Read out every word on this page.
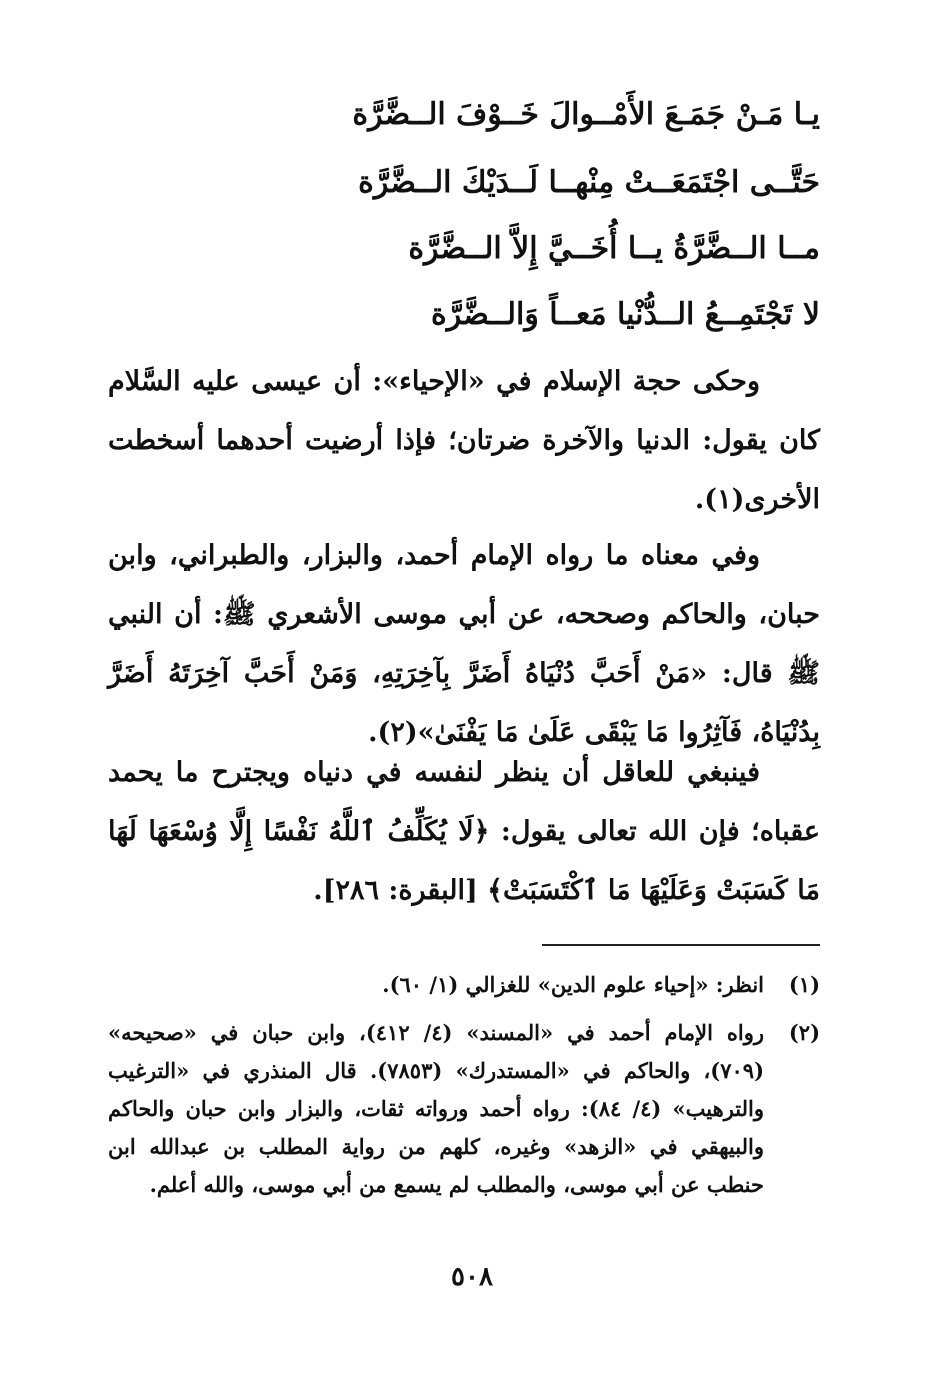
يـا مَـنْ جَمَـعَ الأَمْــوالَ خَــوْفَ الــضَّرَّة
حَتَّــى اجْتَمَعَــتْ مِنْهــا لَــدَيْكَ الــضَّرَّة
مــا الــضَّرَّةُ يــا أُخَــيَّ إِلاَّ الــضَّرَّة
لا تَجْتَمِــعُ الــدُّنْيا مَعــاً وَالــضَّرَّة
وحكى حجة الإسلام في «الإحياء»: أن عيسى عليه السَّلام كان يقول: الدنيا والآخرة ضرتان؛ فإذا أرضيت أحدهما أسخطت الأخرى(١).
وفي معناه ما رواه الإمام أحمد، والبزار، والطبراني، وابن حبان، والحاكم وصححه، عن أبي موسى الأشعري ﷺ: أن النبي ﷺ قال: «مَنْ أَحَبَّ دُنْيَاهُ أَضَرَّ بِآخِرَتِهِ، وَمَنْ أَحَبَّ آخِرَتَهُ أَضَرَّ بِدُنْيَاهُ، فَآثِرُوا مَا يَبْقَى عَلَىٰ مَا يَفْنَىٰ»(٢).
فينبغي للعاقل أن ينظر لنفسه في دنياه ويجترح ما يحمد عقباه؛ فإن الله تعالى يقول: ﴿لَا يُكَلِّفُ ٱللَّهُ نَفْسًا إِلَّا وُسْعَهَا لَهَا مَا كَسَبَتْ وَعَلَيْهَا مَا ٱكْتَسَبَتْ﴾ [البقرة: ٢٨٦].
(١)
انظر: «إحياء علوم الدين» للغزالي (١/ ٦٠).
(٢)
رواه الإمام أحمد في «المسند» (٤/ ٤١٢)، وابن حبان في «صحيحه» (٧٠٩)، والحاكم في «المستدرك» (٧٨٥٣). قال المنذري في «الترغيب والترهيب» (٤/ ٨٤): رواه أحمد ورواته ثقات، والبزار وابن حبان والحاكم والبيهقي في «الزهد» وغيره، كلهم من رواية المطلب بن عبدالله ابن حنطب عن أبي موسى، والمطلب لم يسمع من أبي موسى، والله أعلم.
٥٠٨
